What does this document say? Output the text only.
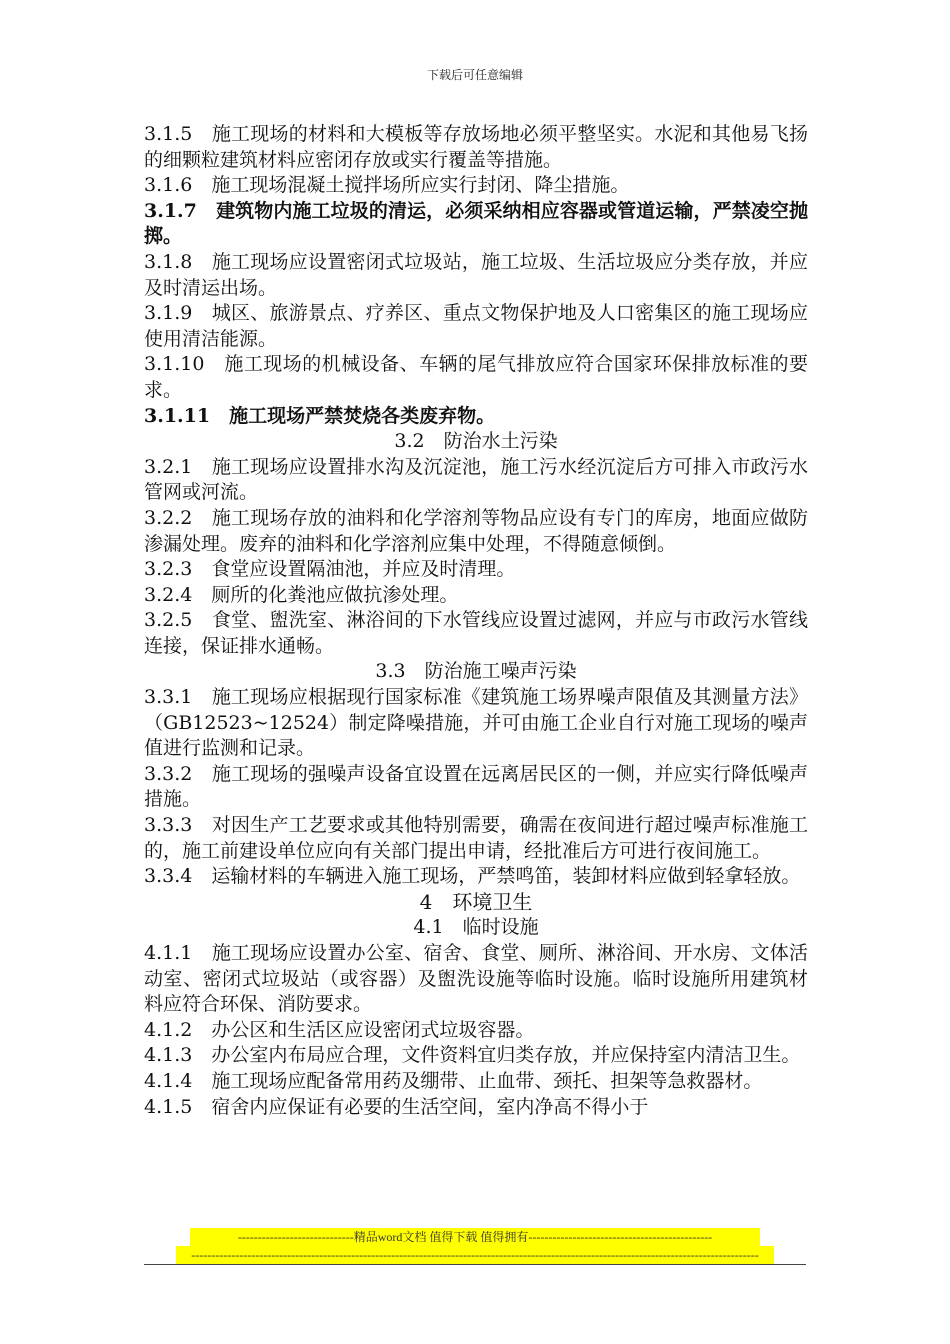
下载后可任意编辑

3.1.5　施工现场的材料和大模板等存放场地必须平整坚实。水泥和其他易飞扬的细颗粒建筑材料应密闭存放或实行覆盖等措施。

3.1.6　施工现场混凝土搅拌场所应实行封闭、降尘措施。

3.1.7　建筑物内施工垃圾的清运，必须采纳相应容器或管道运输，严禁凌空抛掷。

3.1.8　施工现场应设置密闭式垃圾站，施工垃圾、生活垃圾应分类存放，并应及时清运出场。

3.1.9　城区、旅游景点、疗养区、重点文物保护地及人口密集区的施工现场应使用清洁能源。

3.1.10　施工现场的机械设备、车辆的尾气排放应符合国家环保排放标准的要求。

3.1.11　施工现场严禁焚烧各类废弃物。

3.2　防治水土污染

3.2.1　施工现场应设置排水沟及沉淀池，施工污水经沉淀后方可排入市政污水管网或河流。

3.2.2　施工现场存放的油料和化学溶剂等物品应设有专门的库房，地面应做防渗漏处理。废弃的油料和化学溶剂应集中处理，不得随意倾倒。

3.2.3　食堂应设置隔油池，并应及时清理。

3.2.4　厕所的化粪池应做抗渗处理。

3.2.5　食堂、盥洗室、淋浴间的下水管线应设置过滤网，并应与市政污水管线连接，保证排水通畅。

3.3　防治施工噪声污染

3.3.1　施工现场应根据现行国家标准《建筑施工场界噪声限值及其测量方法》（GB12523~12524）制定降噪措施，并可由施工企业自行对施工现场的噪声值进行监测和记录。

3.3.2　施工现场的强噪声设备宜设置在远离居民区的一侧，并应实行降低噪声措施。

3.3.3　对因生产工艺要求或其他特别需要，确需在夜间进行超过噪声标准施工的，施工前建设单位应向有关部门提出申请，经批准后方可进行夜间施工。

3.3.4　运输材料的车辆进入施工现场，严禁鸣笛，装卸材料应做到轻拿轻放。

4　环境卫生

4.1　临时设施

4.1.1　施工现场应设置办公室、宿舍、食堂、厕所、淋浴间、开水房、文体活动室、密闭式垃圾站（或容器）及盥洗设施等临时设施。临时设施所用建筑材料应符合环保、消防要求。

4.1.2　办公区和生活区应设密闭式垃圾容器。

4.1.3　办公室内布局应合理，文件资料宜归类存放，并应保持室内清洁卫生。

4.1.4　施工现场应配备常用药及绷带、止血带、颈托、担架等急救器材。

4.1.5　宿舍内应保证有必要的生活空间，室内净高不得小于

-----------------------------精品word文档 值得下载 值得拥有----------------------------------------------
----------------------------------------------------------------------------------------------------------------------------------------------
